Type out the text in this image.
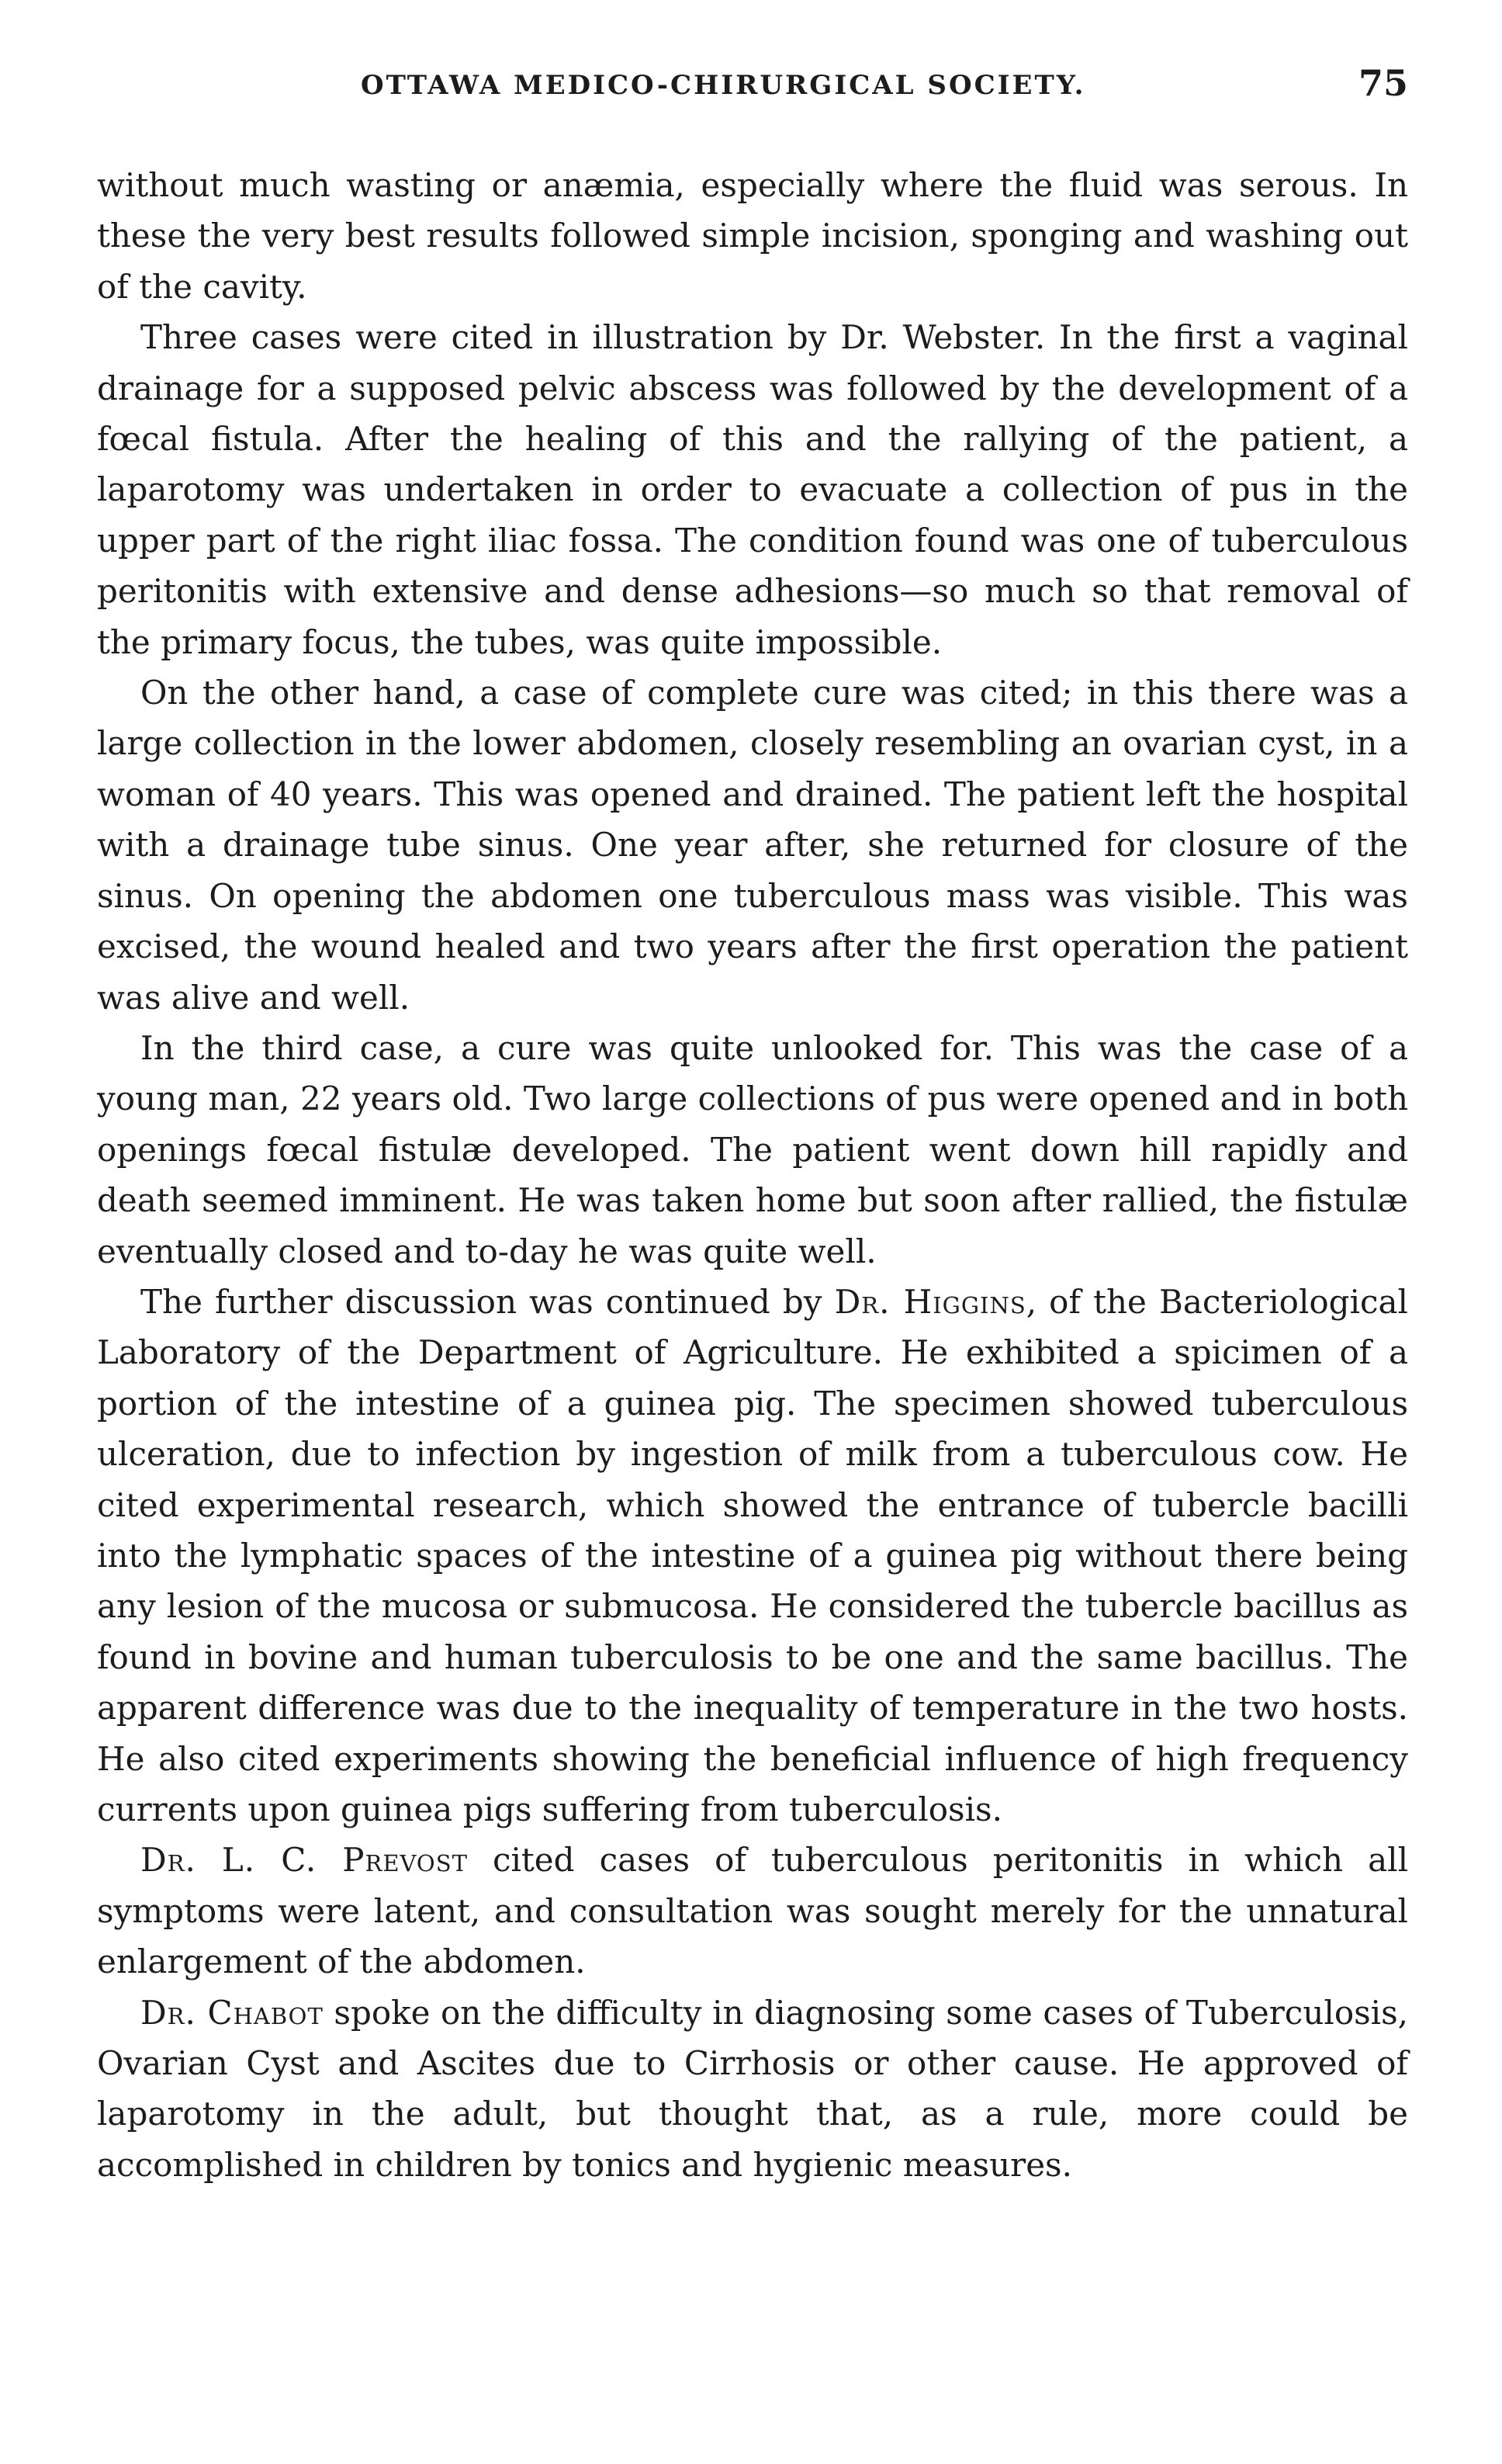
OTTAWA MEDICO-CHIRURGICAL SOCIETY.	75

without much wasting or anæmia, especially where the fluid was serous. In these the very best results followed simple incision, sponging and washing out of the cavity.

Three cases were cited in illustration by Dr. Webster. In the first a vaginal drainage for a supposed pelvic abscess was followed by the development of a fœcal fistula. After the healing of this and the rallying of the patient, a laparotomy was undertaken in order to evacuate a collection of pus in the upper part of the right iliac fossa. The condition found was one of tuberculous peritonitis with extensive and dense adhesions—so much so that removal of the primary focus, the tubes, was quite impossible.

On the other hand, a case of complete cure was cited; in this there was a large collection in the lower abdomen, closely resembling an ovarian cyst, in a woman of 40 years. This was opened and drained. The patient left the hospital with a drainage tube sinus. One year after, she returned for closure of the sinus. On opening the abdomen one tuberculous mass was visible. This was excised, the wound healed and two years after the first operation the patient was alive and well.

In the third case, a cure was quite unlooked for. This was the case of a young man, 22 years old. Two large collections of pus were opened and in both openings fœcal fistulæ developed. The patient went down hill rapidly and death seemed imminent. He was taken home but soon after rallied, the fistulæ eventually closed and to-day he was quite well.

The further discussion was continued by Dr. Higgins, of the Bacteriological Laboratory of the Department of Agriculture. He exhibited a spicimen of a portion of the intestine of a guinea pig. The specimen showed tuberculous ulceration, due to infection by ingestion of milk from a tuberculous cow. He cited experimental research, which showed the entrance of tubercle bacilli into the lymphatic spaces of the intestine of a guinea pig without there being any lesion of the mucosa or submucosa. He considered the tubercle bacillus as found in bovine and human tuberculosis to be one and the same bacillus. The apparent difference was due to the inequality of temperature in the two hosts. He also cited experiments showing the beneficial influence of high frequency currents upon guinea pigs suffering from tuberculosis.

Dr. L. C. Prevost cited cases of tuberculous peritonitis in which all symptoms were latent, and consultation was sought merely for the unnatural enlargement of the abdomen.

Dr. Chabot spoke on the difficulty in diagnosing some cases of Tuberculosis, Ovarian Cyst and Ascites due to Cirrhosis or other cause. He approved of laparotomy in the adult, but thought that, as a rule, more could be accomplished in children by tonics and hygienic measures.
